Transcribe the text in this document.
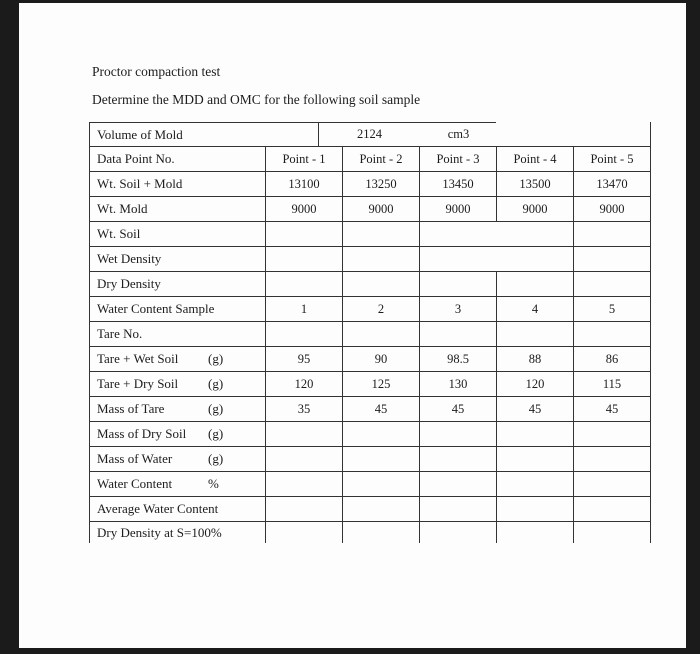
Proctor compaction test
Determine the MDD and OMC for the following soil sample
Volume of Mold	2124	cm3
Data Point No.	Point - 1	Point - 2	Point - 3	Point - 4	Point - 5
Wt. Soil + Mold	13100	13250	13450	13500	13470
Wt. Mold	9000	9000	9000	9000	9000
Wt. Soil
Wet Density
Dry Density
Water Content Sample	1	2	3	4	5
Tare No.
Tare + Wet Soil (g)	95	90	98.5	88	86
Tare + Dry Soil (g)	120	125	130	120	115
Mass of Tare	(g)	35	45	45	45	45
Mass of Dry Soil (g)
Mass of Water	(g)
Water Content	%
Average Water Content
Dry Density at S=100%
